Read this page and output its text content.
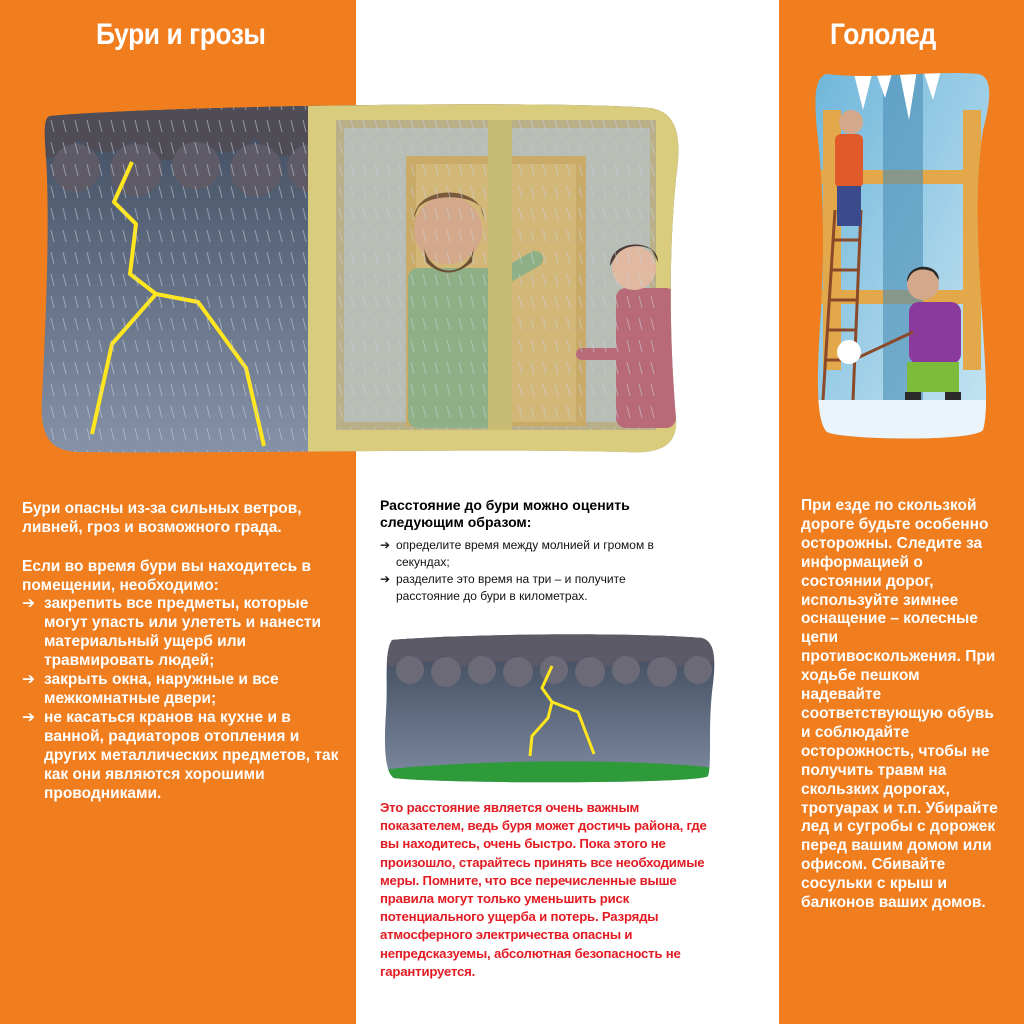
Бури и грозы	Гололед

Бури опасны из-за сильных ветров, ливней, гроз и возможного града.

Если во время бури вы находитесь в помещении, необходимо:

➔ закрепить все предметы, которые могут упасть или улететь и нанести материальный ущерб или травмировать людей;
➔ закрыть окна, наружные и все межкомнатные двери;
➔ не касаться кранов на кухне и в ванной, радиаторов отопления и других металлических предметов, так как они являются хорошими проводниками.

Расстояние до бури можно оценить следующим образом:

➔ определите время между молнией и громом в секундах;
➔ разделите это время на три – и получите расстояние до бури в километрах.

Это расстояние является очень важным показателем, ведь буря может достичь района, где вы находитесь, очень быстро. Пока этого не произошло, старайтесь принять все необходимые меры. Помните, что все перечисленные выше правила могут только уменьшить риск потенциального ущерба и потерь. Разряды атмосферного электричества опасны и непредсказуемы, абсолютная безопасность не гарантируется.

При езде по скользкой дороге будьте особенно осторожны. Следите за информацией о состоянии дорог, используйте зимнее оснащение – колесные цепи противоскольжения. При ходьбе пешком надевайте соответствующую обувь и соблюдайте осторожность, чтобы не получить травм на скользких дорогах, тротуарах и т.п. Убирайте лед и сугробы с дорожек перед вашим домом или офисом. Сбивайте сосульки с крыш и балконов ваших домов.
